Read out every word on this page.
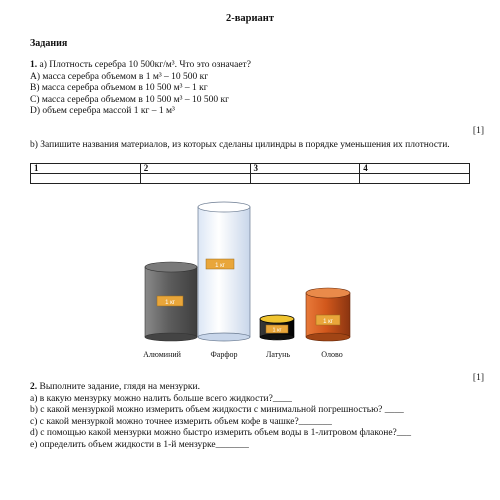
2-вариант
Задания
1. a) Плотность серебра 10 500кг/м³. Что это означает?
A) масса серебра объемом в 1 м³ – 10 500 кг
B) масса серебра объемом в 10 500 м³ – 1 кг
C) масса серебра объемом в 10 500 м³ – 10 500 кг
D) объем серебра массой 1 кг – 1 м³
[1]
b) Запишите названия материалов, из которых сделаны цилиндры в порядке уменьшения их плотности.
1	2	3	4

1 кг
1 кг
1 кг
1 кг
Алюминий	Фарфор	Латунь	Олово
[1]
2. Выполните задание, глядя на мензурки.
a) в какую мензурку можно налить больше всего жидкости?____
b) с какой мензуркой можно измерить объем жидкости с минимальной погрешностью? ____
c) с какой мензуркой можно точнее измерить объем кофе в чашке?_______
d) с помощью какой мензурки можно быстро измерить объем воды в 1-литровом флаконе?___
e) определить объем жидкости в 1-й мензурке_______
